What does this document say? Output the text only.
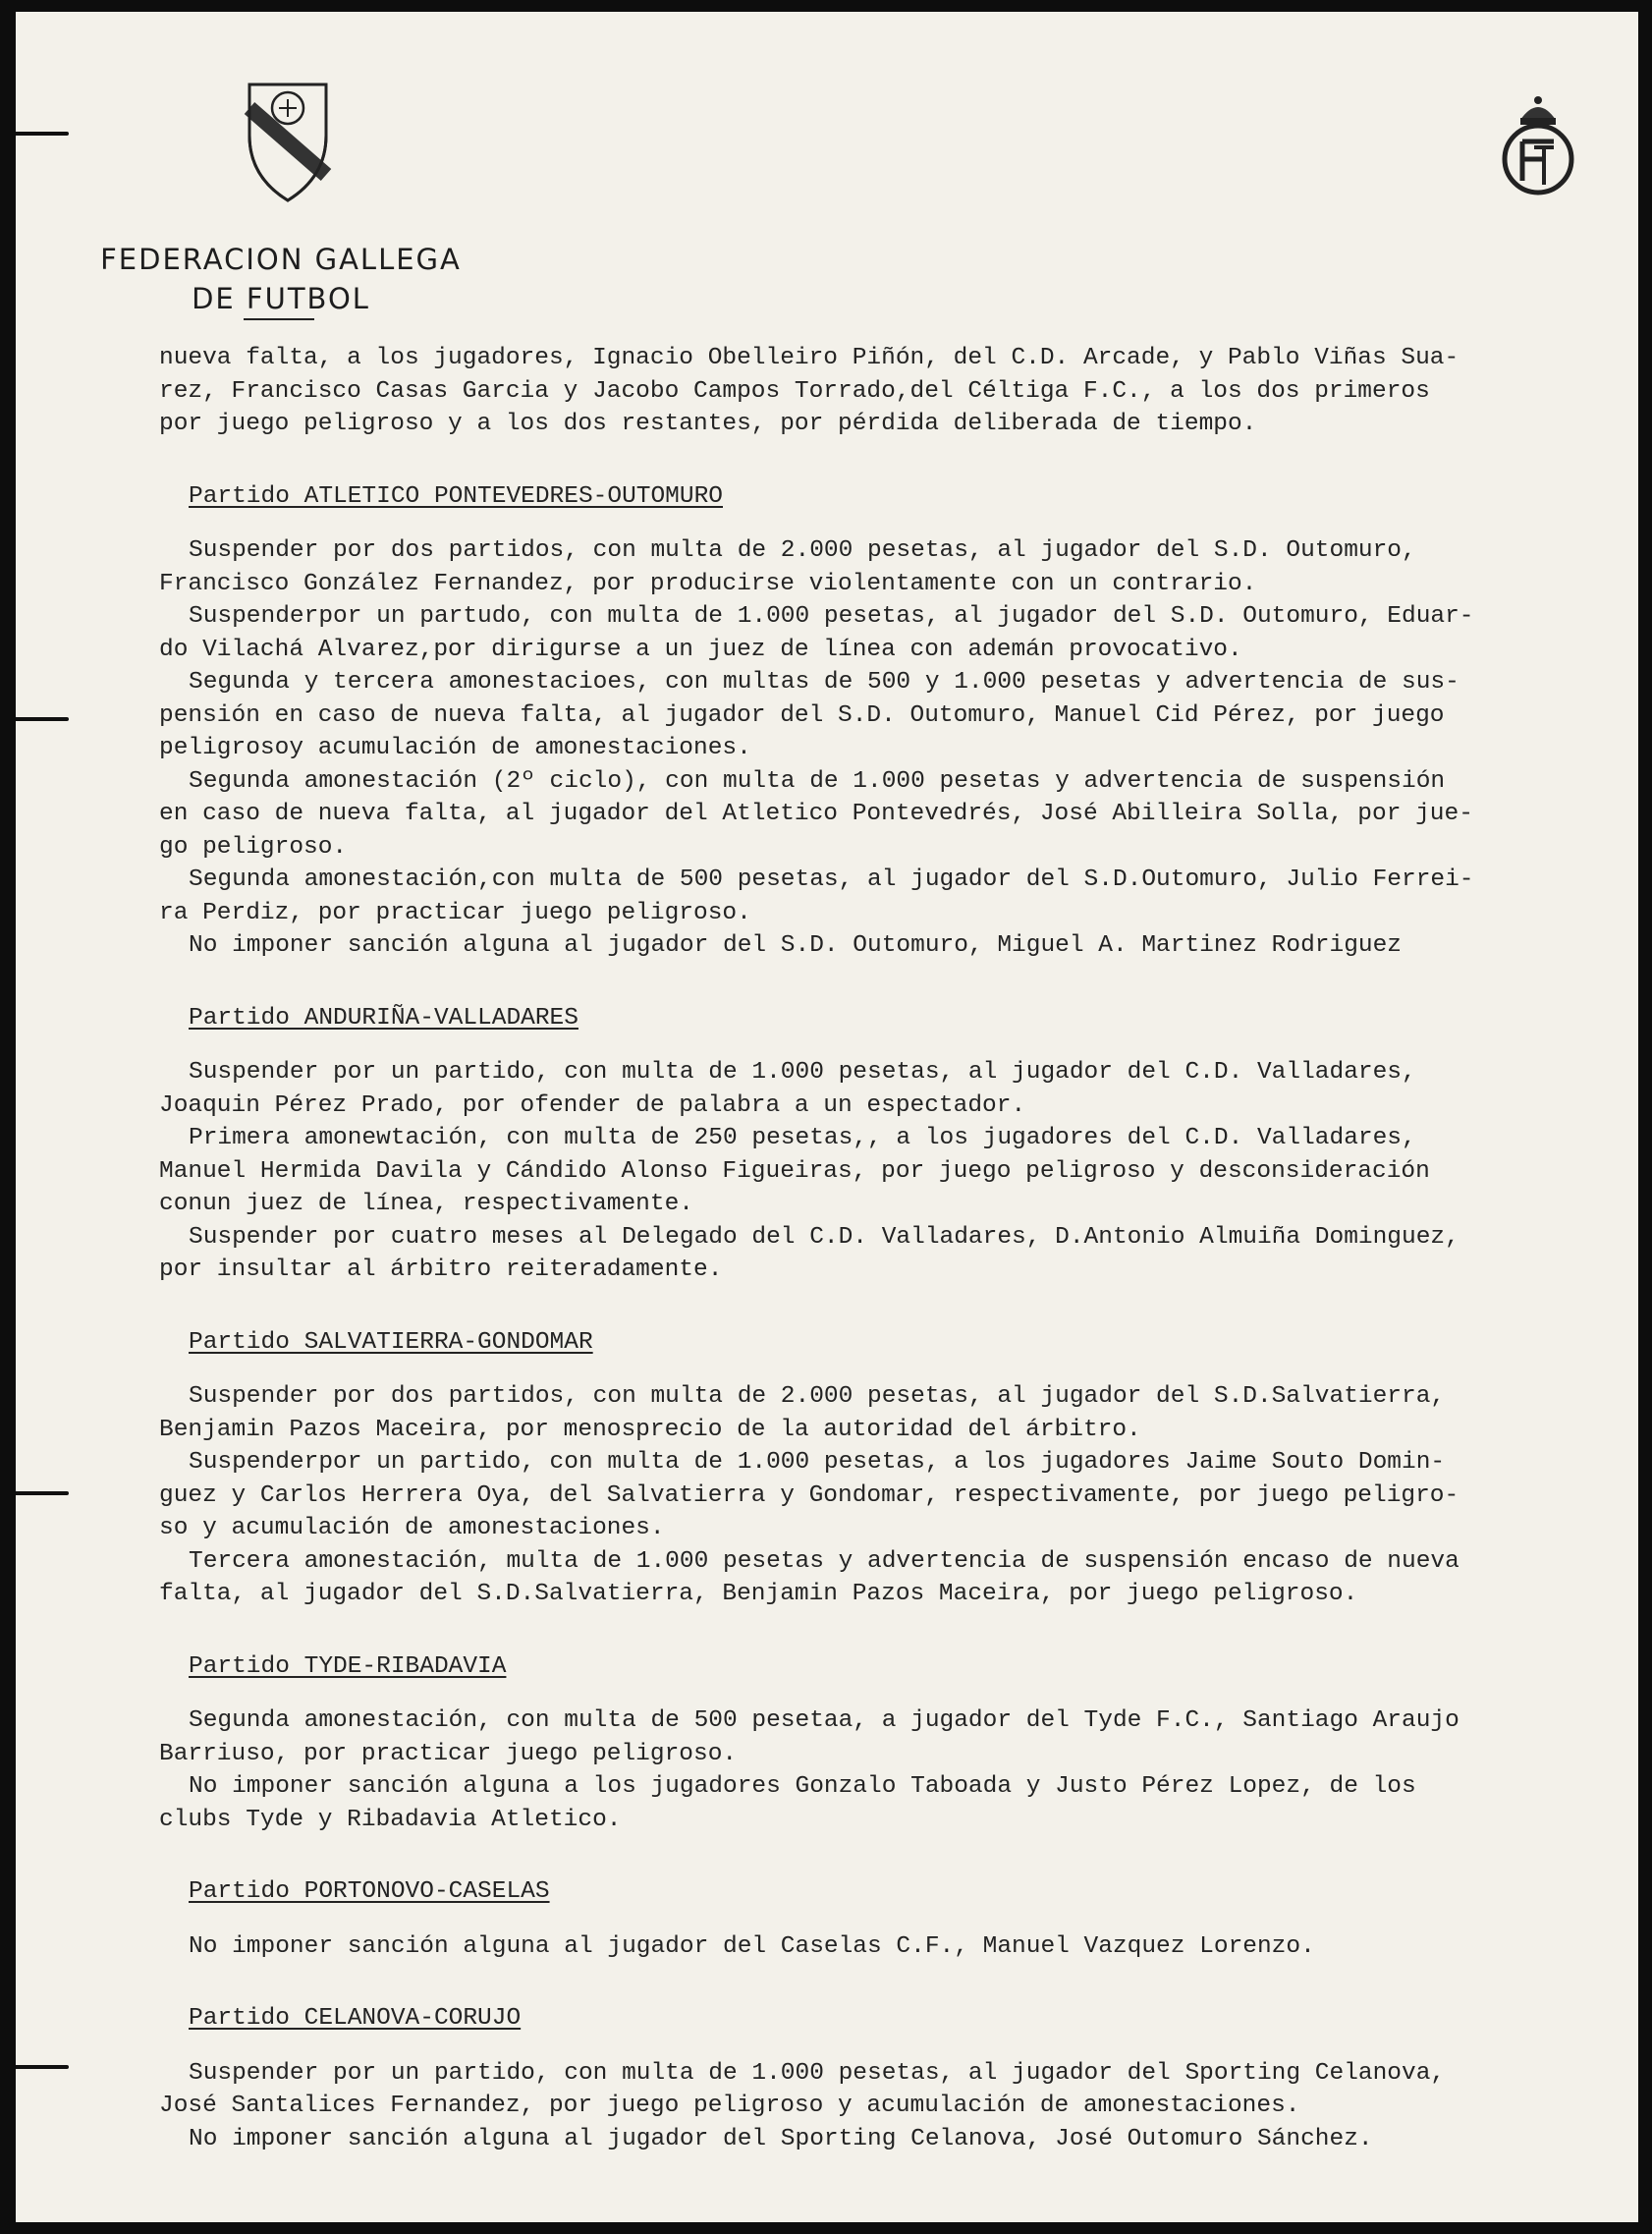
FEDERACION GALLEGA
DE FUTBOL

nueva falta, a los jugadores, Ignacio Obelleiro Piñón, del C.D. Arcade, y Pablo Viñas Sua-

rez, Francisco Casas Garcia y Jacobo Campos Torrado,del Céltiga F.C., a los dos primeros

por juego peligroso y a los dos restantes, por pérdida deliberada de tiempo.

Partido ATLETICO PONTEVEDRES-OUTOMURO

Suspender por dos partidos, con multa de 2.000 pesetas, al jugador del S.D. Outomuro,

Francisco González Fernandez, por producirse violentamente con un contrario.

Suspenderpor un partudo, con multa de 1.000 pesetas, al jugador del S.D. Outomuro, Eduar-

do Vilachá Alvarez,por dirigurse a un juez de línea con ademán provocativo.

Segunda y tercera amonestacioes, con multas de 500 y 1.000 pesetas y advertencia de sus-

pensión en caso de nueva falta, al jugador del S.D. Outomuro, Manuel Cid Pérez, por juego

peligrosoy acumulación de amonestaciones.

Segunda amonestación (2º ciclo), con multa de 1.000 pesetas y advertencia de suspensión

en caso de nueva falta, al jugador del Atletico Pontevedrés, José Abilleira Solla, por jue-

go peligroso.

Segunda amonestación,con multa de 500 pesetas, al jugador del S.D.Outomuro, Julio Ferrei-

ra Perdiz, por practicar juego peligroso.

No imponer sanción alguna al jugador del S.D. Outomuro, Miguel A. Martinez Rodriguez

Partido ANDURIÑA-VALLADARES

Suspender por un partido, con multa de 1.000 pesetas, al jugador del C.D. Valladares,

Joaquin Pérez Prado, por ofender de palabra a un espectador.

Primera amonewtación, con multa de 250 pesetas,, a los jugadores del C.D. Valladares,

Manuel Hermida Davila y Cándido Alonso Figueiras, por juego peligroso y desconsideración

conun juez de línea, respectivamente.

Suspender por cuatro meses al Delegado del C.D. Valladares, D.Antonio Almuiña Dominguez,

por insultar al árbitro reiteradamente.

Partido SALVATIERRA-GONDOMAR

Suspender por dos partidos, con multa de 2.000 pesetas, al jugador del S.D.Salvatierra,

Benjamin Pazos Maceira, por menosprecio de la autoridad del árbitro.

Suspenderpor un partido, con multa de 1.000 pesetas, a los jugadores Jaime Souto Domin-

guez y Carlos Herrera Oya, del Salvatierra y Gondomar, respectivamente, por juego peligro-

so y acumulación de amonestaciones.

Tercera amonestación, multa de 1.000 pesetas y advertencia de suspensión encaso de nueva

falta, al jugador del S.D.Salvatierra, Benjamin Pazos Maceira, por juego peligroso.

Partido TYDE-RIBADAVIA

Segunda amonestación, con multa de 500 pesetaa, a jugador del Tyde F.C., Santiago Araujo

Barriuso, por practicar juego peligroso.

No imponer sanción alguna a los jugadores Gonzalo Taboada y Justo Pérez Lopez, de los

clubs Tyde y Ribadavia Atletico.

Partido PORTONOVO-CASELAS

No imponer sanción alguna al jugador del Caselas C.F., Manuel Vazquez Lorenzo.

Partido CELANOVA-CORUJO

Suspender por un partido, con multa de 1.000 pesetas, al jugador del Sporting Celanova,

José Santalices Fernandez, por juego peligroso y acumulación de amonestaciones.

No imponer sanción alguna al jugador del Sporting Celanova, José Outomuro Sánchez.
